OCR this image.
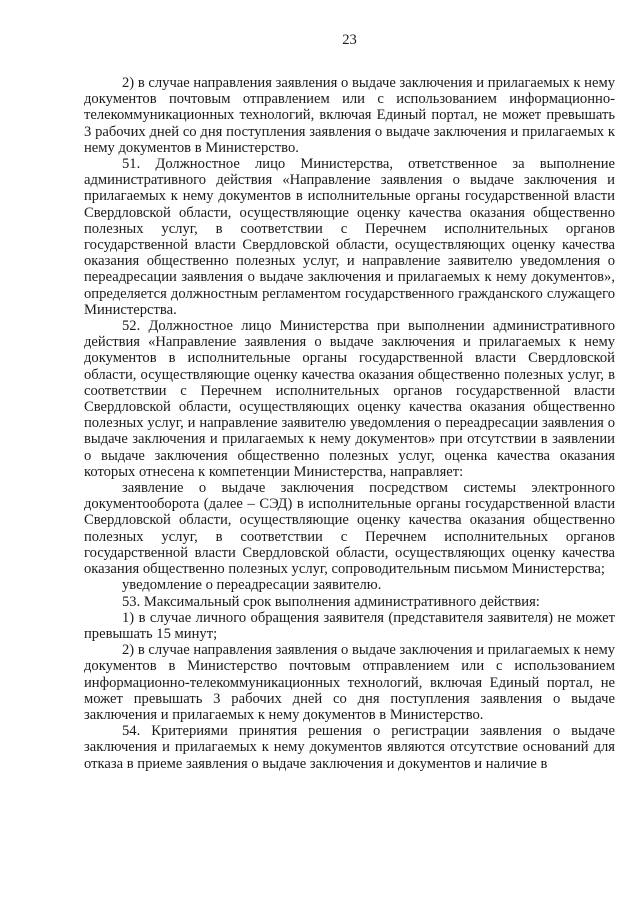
23

2) в случае направления заявления о выдаче заключения и прилагаемых к нему документов почтовым отправлением или с использованием информационно-телекоммуникационных технологий, включая Единый портал, не может превышать 3 рабочих дней со дня поступления заявления о выдаче заключения и прилагаемых к нему документов в Министерство.

51. Должностное лицо Министерства, ответственное за выполнение административного действия «Направление заявления о выдаче заключения и прилагаемых к нему документов в исполнительные органы государственной власти Свердловской области, осуществляющие оценку качества оказания общественно полезных услуг, в соответствии с Перечнем исполнительных органов государственной власти Свердловской области, осуществляющих оценку качества оказания общественно полезных услуг, и направление заявителю уведомления о переадресации заявления о выдаче заключения и прилагаемых к нему документов», определяется должностным регламентом государственного гражданского служащего Министерства.

52. Должностное лицо Министерства при выполнении административного действия «Направление заявления о выдаче заключения и прилагаемых к нему документов в исполнительные органы государственной власти Свердловской области, осуществляющие оценку качества оказания общественно полезных услуг, в соответствии с Перечнем исполнительных органов государственной власти Свердловской области, осуществляющих оценку качества оказания общественно полезных услуг, и направление заявителю уведомления о переадресации заявления о выдаче заключения и прилагаемых к нему документов» при отсутствии в заявлении о выдаче заключения общественно полезных услуг, оценка качества оказания которых отнесена к компетенции Министерства, направляет:

заявление о выдаче заключения посредством системы электронного документооборота (далее – СЭД) в исполнительные органы государственной власти Свердловской области, осуществляющие оценку качества оказания общественно полезных услуг, в соответствии с Перечнем исполнительных органов государственной власти Свердловской области, осуществляющих оценку качества оказания общественно полезных услуг, сопроводительным письмом Министерства;

уведомление о переадресации заявителю.

53. Максимальный срок выполнения административного действия:

1) в случае личного обращения заявителя (представителя заявителя) не может превышать 15 минут;

2) в случае направления заявления о выдаче заключения и прилагаемых к нему документов в Министерство почтовым отправлением или с использованием информационно-телекоммуникационных технологий, включая Единый портал, не может превышать 3 рабочих дней со дня поступления заявления о выдаче заключения и прилагаемых к нему документов в Министерство.

54. Критериями принятия решения о регистрации заявления о выдаче заключения и прилагаемых к нему документов являются отсутствие оснований для отказа в приеме заявления о выдаче заключения и документов и наличие в
